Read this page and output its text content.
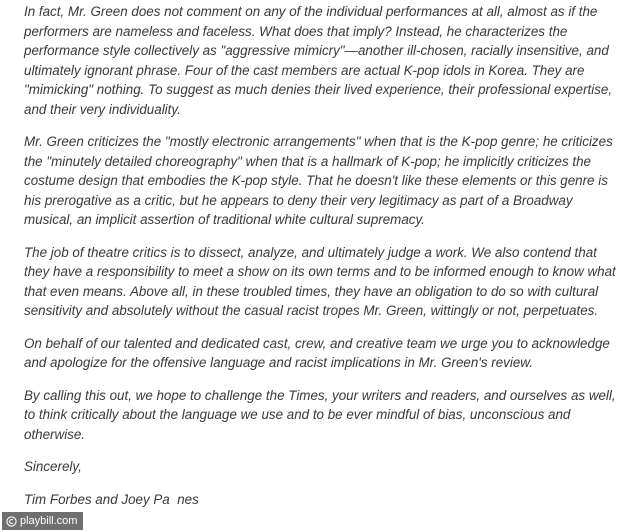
In fact, Mr. Green does not comment on any of the individual performances at all, almost as if the performers are nameless and faceless. What does that imply? Instead, he characterizes the performance style collectively as "aggressive mimicry"—another ill-chosen, racially insensitive, and ultimately ignorant phrase. Four of the cast members are actual K-pop idols in Korea. They are "mimicking" nothing. To suggest as much denies their lived experience, their professional expertise, and their very individuality.

Mr. Green criticizes the "mostly electronic arrangements" when that is the K-pop genre; he criticizes the "minutely detailed choreography" when that is a hallmark of K-pop; he implicitly criticizes the costume design that embodies the K-pop style. That he doesn't like these elements or this genre is his prerogative as a critic, but he appears to deny their very legitimacy as part of a Broadway musical, an implicit assertion of traditional white cultural supremacy.

The job of theatre critics is to dissect, analyze, and ultimately judge a work. We also contend that they have a responsibility to meet a show on its own terms and to be informed enough to know what that even means. Above all, in these troubled times, they have an obligation to do so with cultural sensitivity and absolutely without the casual racist tropes Mr. Green, wittingly or not, perpetuates.

On behalf of our talented and dedicated cast, crew, and creative team we urge you to acknowledge and apologize for the offensive language and racist implications in Mr. Green's review.

By calling this out, we hope to challenge the Times, your writers and readers, and ourselves as well, to think critically about the language we use and to be ever mindful of bias, unconscious and otherwise.

Sincerely,

Tim Forbes and Joey Pa  nes

playbill.com
